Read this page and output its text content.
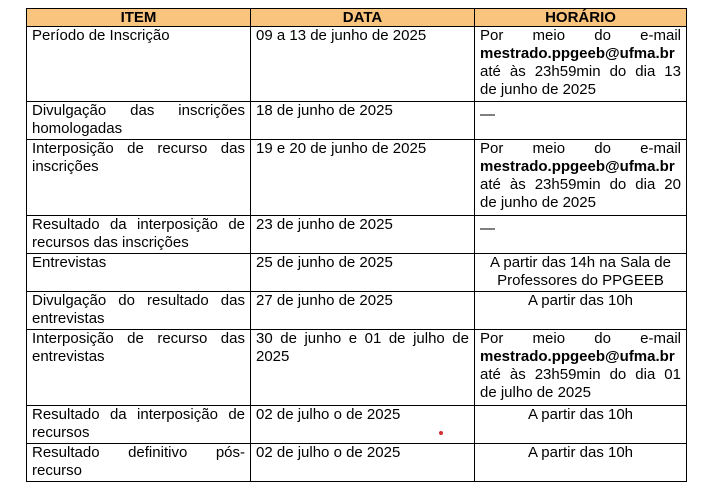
ITEM	DATA	HORÁRIO
Período de Inscrição	09 a 13 de junho de 2025	Por meio do e-mail
mestrado.ppgeeb@ufma.br
até às 23h59min do dia 13
de junho de 2025

Divulgação das inscrições homologadas	18 de junho de 2025	—

Interposição de recurso das inscrições	19 e 20 de junho de 2025	Por meio do e-mail
mestrado.ppgeeb@ufma.br
até às 23h59min do dia 20
de junho de 2025

Resultado da interposição de recursos das inscrições	23 de junho de 2025	—

Entrevistas	25 de junho de 2025	A partir das 14h na Sala de Professores do PPGEEB
Divulgação do resultado das entrevistas	27 de junho de 2025	A partir das 10h
Interposição de recurso das entrevistas	30 de junho e 01 de julho de 2025	Por meio do e-mail
mestrado.ppgeeb@ufma.br
até às 23h59min do dia 01
de julho de 2025

Resultado da interposição de recursos	02 de julho o de 2025	A partir das 10h
Resultado definitivo pós-recurso	02 de julho o de 2025	A partir das 10h
